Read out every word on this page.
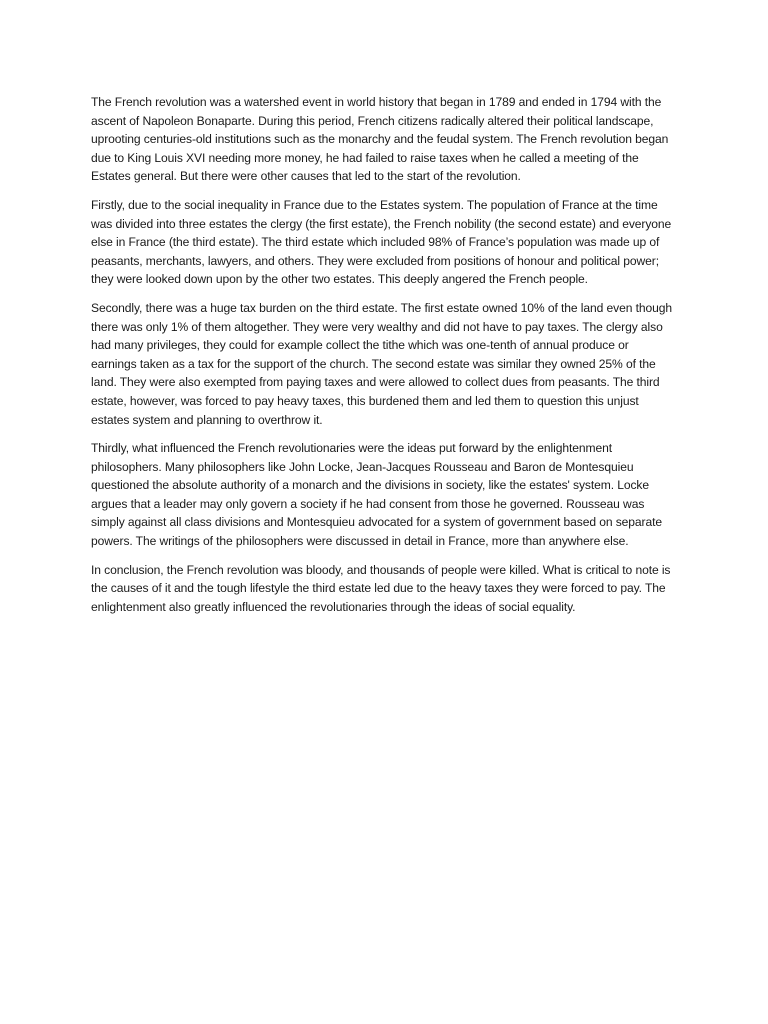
The French revolution was a watershed event in world history that began in 1789 and ended in 1794 with the ascent of Napoleon Bonaparte. During this period, French citizens radically altered their political landscape, uprooting centuries-old institutions such as the monarchy and the feudal system. The French revolution began due to King Louis XVI needing more money, he had failed to raise taxes when he called a meeting of the Estates general. But there were other causes that led to the start of the revolution.

Firstly, due to the social inequality in France due to the Estates system. The population of France at the time was divided into three estates the clergy (the first estate), the French nobility (the second estate) and everyone else in France (the third estate). The third estate which included 98% of France’s population was made up of peasants, merchants, lawyers, and others. They were excluded from positions of honour and political power; they were looked down upon by the other two estates. This deeply angered the French people.

Secondly, there was a huge tax burden on the third estate. The first estate owned 10% of the land even though there was only 1% of them altogether. They were very wealthy and did not have to pay taxes. The clergy also had many privileges, they could for example collect the tithe which was one-tenth of annual produce or earnings taken as a tax for the support of the church. The second estate was similar they owned 25% of the land. They were also exempted from paying taxes and were allowed to collect dues from peasants. The third estate, however, was forced to pay heavy taxes, this burdened them and led them to question this unjust estates system and planning to overthrow it.

Thirdly, what influenced the French revolutionaries were the ideas put forward by the enlightenment philosophers. Many philosophers like John Locke, Jean-Jacques Rousseau and Baron de Montesquieu questioned the absolute authority of a monarch and the divisions in society, like the estates' system. Locke argues that a leader may only govern a society if he had consent from those he governed. Rousseau was simply against all class divisions and Montesquieu advocated for a system of government based on separate powers. The writings of the philosophers were discussed in detail in France, more than anywhere else.

In conclusion, the French revolution was bloody, and thousands of people were killed. What is critical to note is the causes of it and the tough lifestyle the third estate led due to the heavy taxes they were forced to pay. The enlightenment also greatly influenced the revolutionaries through the ideas of social equality.
